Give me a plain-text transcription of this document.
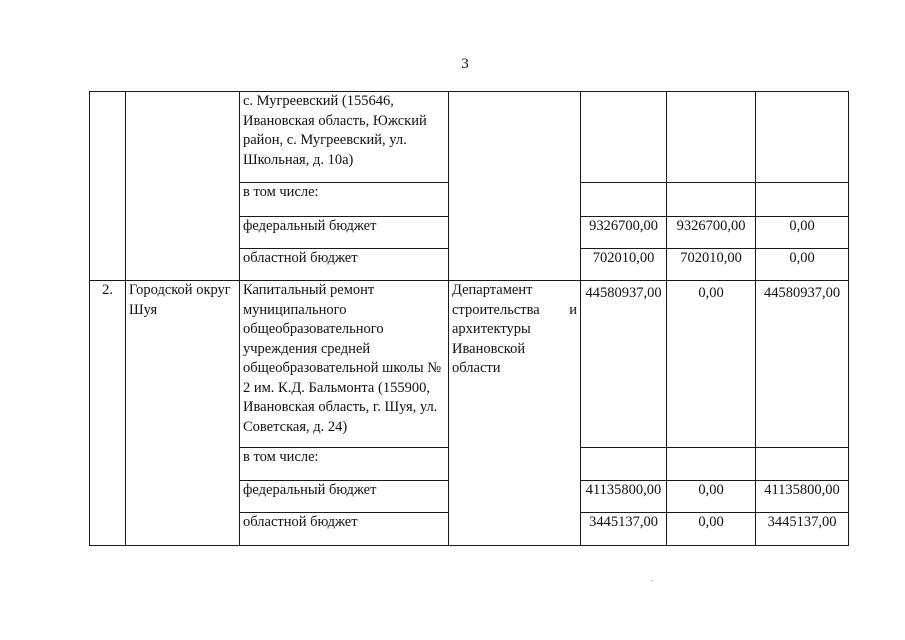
3
		с. Мугреевский (155646, Ивановская область, Южский район, с. Мугреевский, ул. Школьная, д. 10а)				
		в том числе:				
		федеральный бюджет		9326700,00	9326700,00	0,00
		областной бюджет		702010,00	702010,00	0,00
2.	Городской округ Шуя	Капитальный ремонт муниципального общеобразовательного учреждения средней общеобразовательной школы № 2 им. К.Д. Бальмонта (155900, Ивановская область, г. Шуя, ул. Советская, д. 24)	Департамент строительства и архитектуры Ивановской области	44580937,00	0,00	44580937,00
		в том числе:				
		федеральный бюджет		41135800,00	0,00	41135800,00
		областной бюджет		3445137,00	0,00	3445137,00
